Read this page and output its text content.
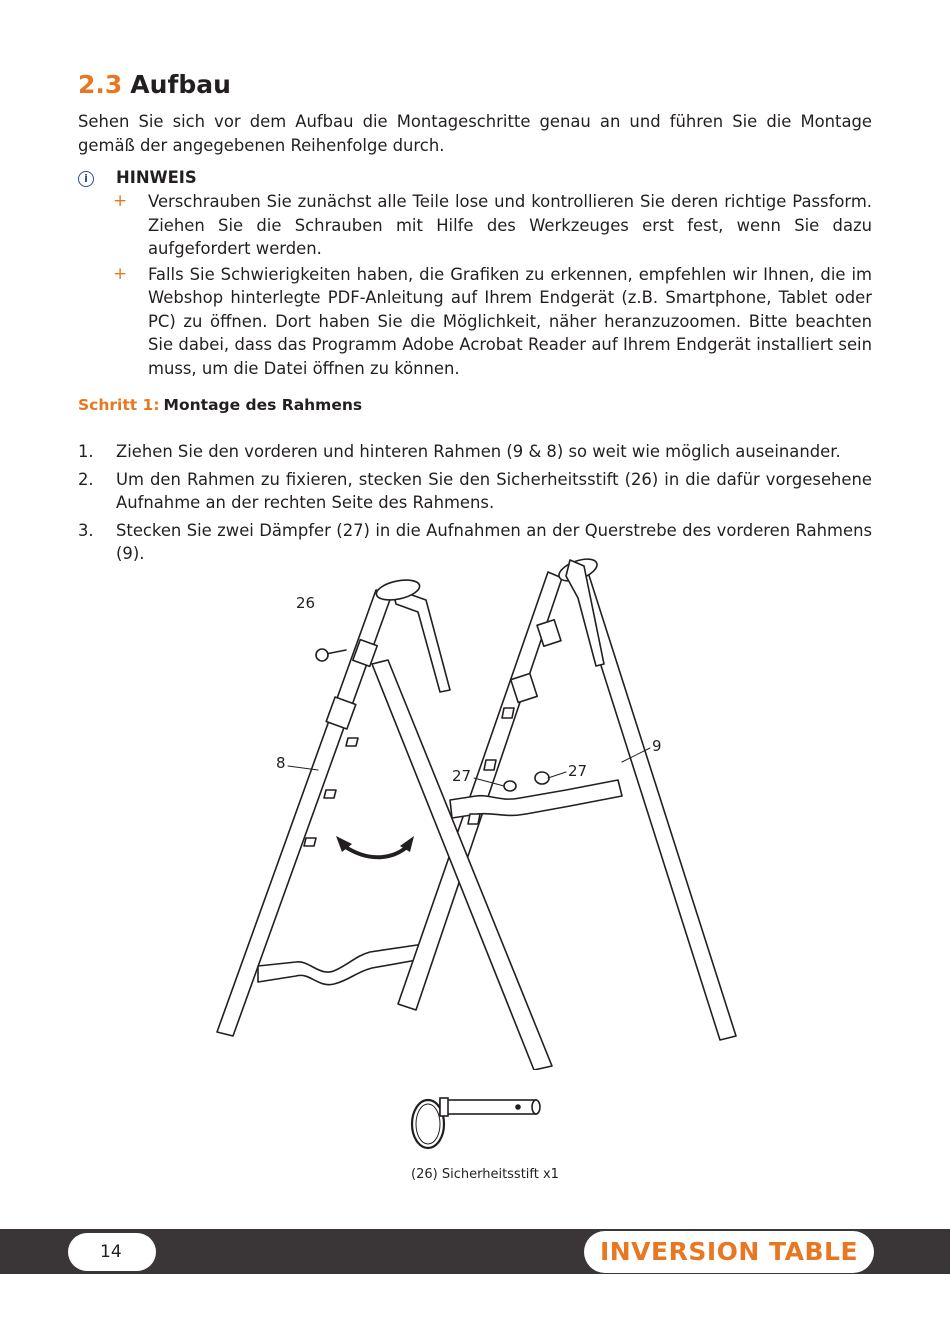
2.3 Aufbau

Sehen Sie sich vor dem Aufbau die Montageschritte genau an und führen Sie die Montage gemäß der angegebenen Reihenfolge durch.

i HINWEIS
+ Verschrauben Sie zunächst alle Teile lose und kontrollieren Sie deren richtige Passform. Ziehen Sie die Schrauben mit Hilfe des Werkzeuges erst fest, wenn Sie dazu aufgefordert werden.
+ Falls Sie Schwierigkeiten haben, die Grafiken zu erkennen, empfehlen wir Ihnen, die im Webshop hinterlegte PDF-Anleitung auf Ihrem Endgerät (z.B. Smartphone, Tablet oder PC) zu öffnen. Dort haben Sie die Möglichkeit, näher heranzuzoomen. Bitte beachten Sie dabei, dass das Programm Adobe Acrobat Reader auf Ihrem Endgerät installiert sein muss, um die Datei öffnen zu können.
Schritt 1: Montage des Rahmens
1. Ziehen Sie den vorderen und hinteren Rahmen (9 & 8) so weit wie möglich auseinander.
2. Um den Rahmen zu fixieren, stecken Sie den Sicherheitsstift (26) in die dafür vorgesehene Aufnahme an der rechten Seite des Rahmens.
3. Stecken Sie zwei Dämpfer (27) in die Aufnahmen an der Querstrebe des vorderen Rahmens (9).
26
8
9
27	27
(26) Sicherheitsstift x1
14	INVERSION TABLE
